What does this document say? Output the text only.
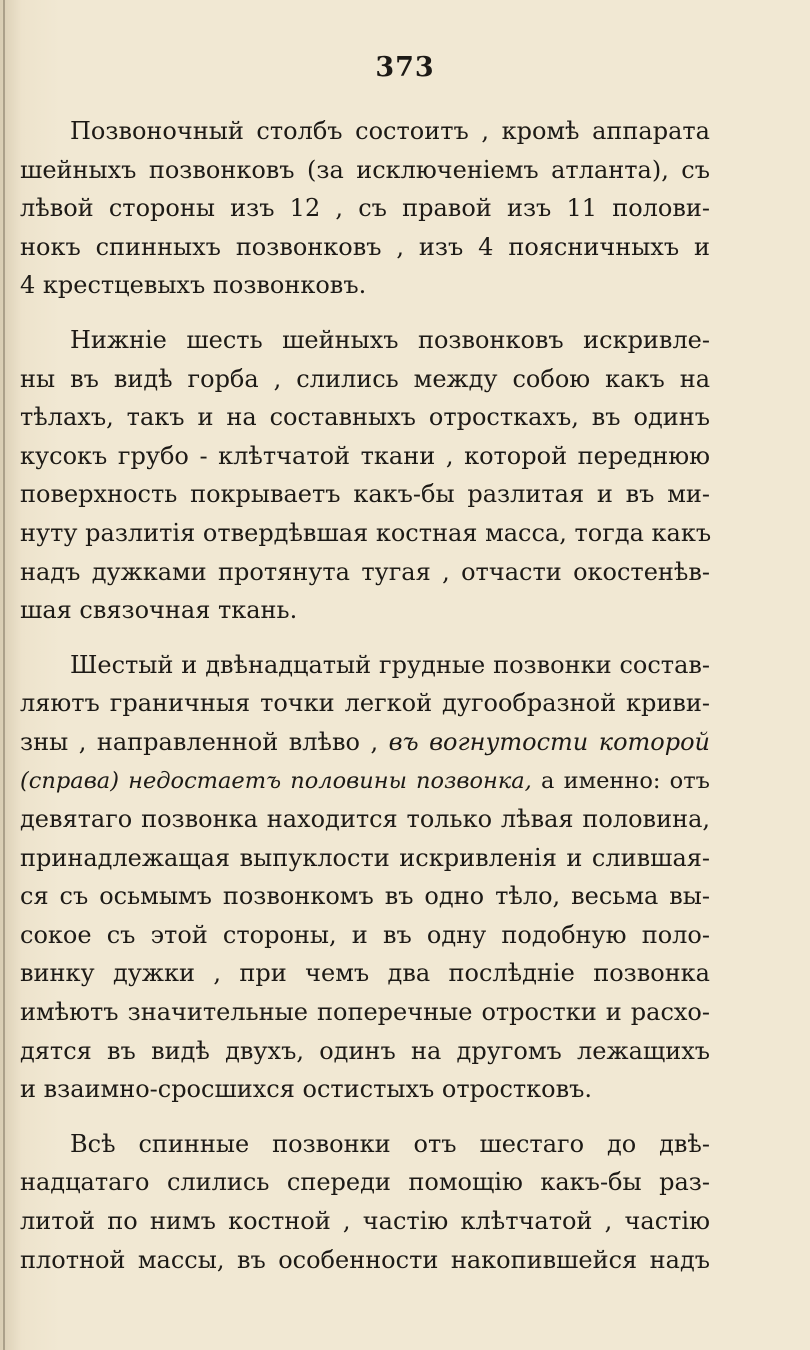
373
Позвоночный столбъ состоитъ , кромѣ аппарата
шейныхъ позвонковъ (за исключеніемъ атланта), съ
лѣвой стороны изъ 12 , съ правой изъ 11 полови-
нокъ спинныхъ позвонковъ , изъ 4 поясничныхъ и
4 крестцевыхъ позвонковъ.
Нижніе шесть шейныхъ позвонковъ искривле-
ны въ видѣ горба , слились между собою какъ на
тѣлахъ, такъ и на составныхъ отросткахъ, въ одинъ
кусокъ грубо - клѣтчатой ткани , которой переднюю
поверхность покрываетъ какъ-бы разлитая и въ ми-
нуту разлитія отвердѣвшая костная масса, тогда какъ
надъ дужками протянута тугая , отчасти окостенѣв-
шая связочная ткань.
Шестый и двѣнадцатый грудные позвонки состав-
ляютъ граничныя точки легкой дугообразной криви-
зны , направленной влѣво , въ вогнутости которой
(справа) недостаетъ половины позвонка, а именно: отъ
девятаго позвонка находится только лѣвая половина,
принадлежащая выпуклости искривленія и слившая-
ся съ осьмымъ позвонкомъ въ одно тѣло, весьма вы-
сокое съ этой стороны, и въ одну подобную поло-
винку дужки , при чемъ два послѣдніе позвонка
имѣютъ значительные поперечные отростки и расхо-
дятся въ видѣ двухъ, одинъ на другомъ лежащихъ
и взаимно-сросшихся остистыхъ отростковъ.
Всѣ спинные позвонки отъ шестаго до двѣ-
надцатаго слились спереди помощію какъ-бы раз-
литой по нимъ костной , частію клѣтчатой , частію
плотной массы, въ особенности накопившейся надъ
